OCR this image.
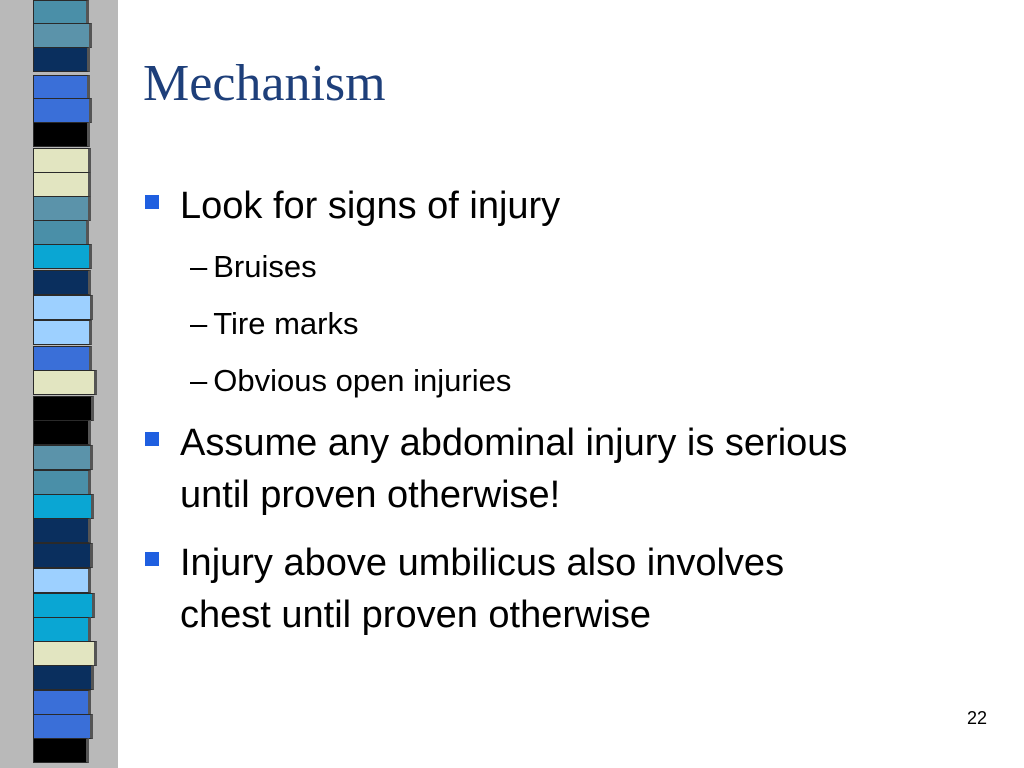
Mechanism
Look for signs of injury
– Bruises
– Tire marks
– Obvious open injuries
Assume any abdominal injury is serious
until proven otherwise!
Injury above umbilicus also involves
chest until proven otherwise
22
